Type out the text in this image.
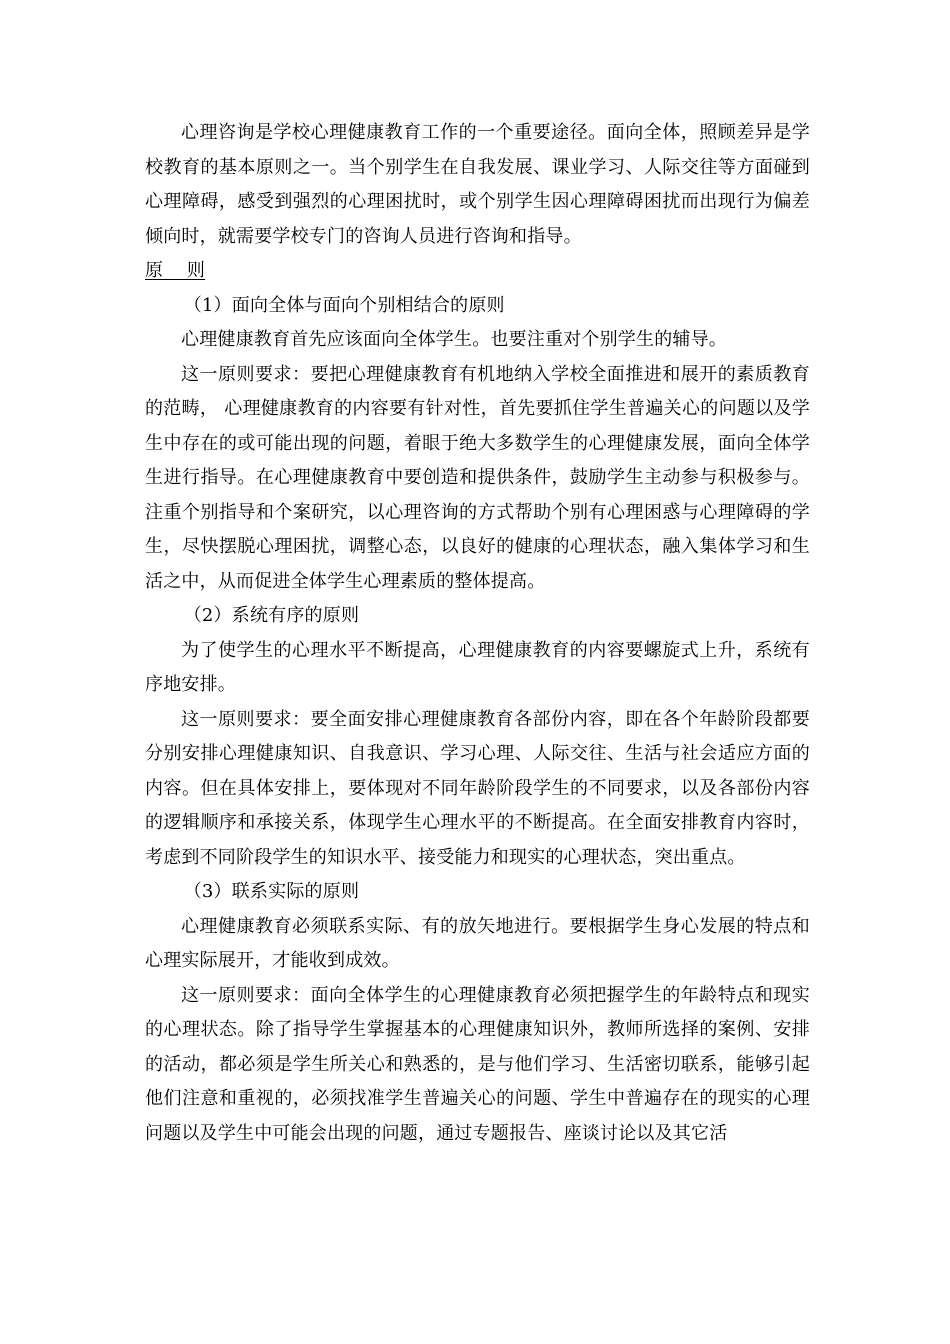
心理咨询是学校心理健康教育工作的一个重要途径。面向全体，照顾差异是学校教育的基本原则之一。当个别学生在自我发展、课业学习、人际交往等方面碰到心理障碍，感受到强烈的心理困扰时，或个别学生因心理障碍困扰而出现行为偏差倾向时，就需要学校专门的咨询人员进行咨询和指导。

原    则

（1）面向全体与面向个别相结合的原则

心理健康教育首先应该面向全体学生。也要注重对个别学生的辅导。

这一原则要求：要把心理健康教育有机地纳入学校全面推进和展开的素质教育的范畴， 心理健康教育的内容要有针对性，首先要抓住学生普遍关心的问题以及学生中存在的或可能出现的问题，着眼于绝大多数学生的心理健康发展，面向全体学生进行指导。在心理健康教育中要创造和提供条件，鼓励学生主动参与积极参与。注重个别指导和个案研究，以心理咨询的方式帮助个别有心理困惑与心理障碍的学生，尽快摆脱心理困扰，调整心态，以良好的健康的心理状态，融入集体学习和生活之中，从而促进全体学生心理素质的整体提高。

（2）系统有序的原则

为了使学生的心理水平不断提高，心理健康教育的内容要螺旋式上升，系统有序地安排。

这一原则要求：要全面安排心理健康教育各部份内容，即在各个年龄阶段都要分别安排心理健康知识、自我意识、学习心理、人际交往、生活与社会适应方面的内容。但在具体安排上，要体现对不同年龄阶段学生的不同要求，以及各部份内容的逻辑顺序和承接关系，体现学生心理水平的不断提高。在全面安排教育内容时，考虑到不同阶段学生的知识水平、接受能力和现实的心理状态，突出重点。

（3）联系实际的原则

心理健康教育必须联系实际、有的放矢地进行。要根据学生身心发展的特点和心理实际展开，才能收到成效。

这一原则要求：面向全体学生的心理健康教育必须把握学生的年龄特点和现实的心理状态。除了指导学生掌握基本的心理健康知识外，教师所选择的案例、安排的活动，都必须是学生所关心和熟悉的，是与他们学习、生活密切联系，能够引起他们注意和重视的，必须找准学生普遍关心的问题、学生中普遍存在的现实的心理问题以及学生中可能会出现的问题，通过专题报告、座谈讨论以及其它活
